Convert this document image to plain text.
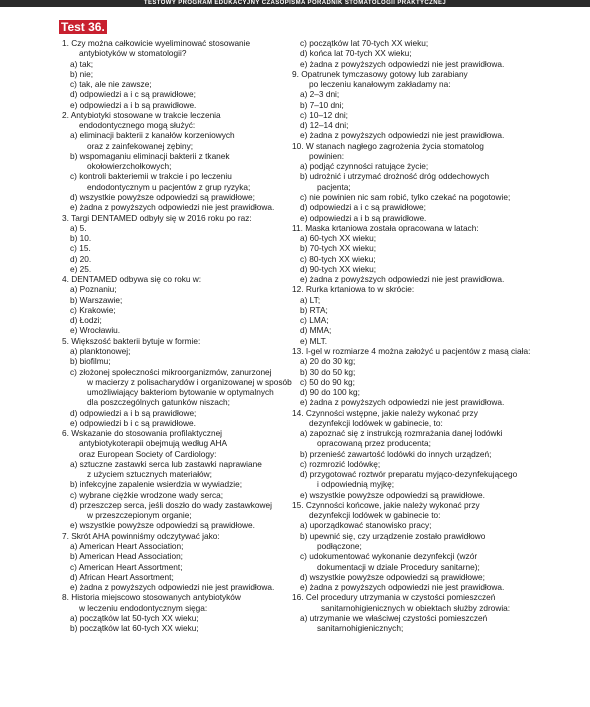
TESTOWY PROGRAM EDUKACYJNY CZASOPISMA PORADNIK STOMATOLOGII PRAKTYCZNEJ
Test 36.
1. Czy można całkowicie wyeliminować stosowanie
antybiotyków w stomatologii?
a) tak;
b) nie;
c) tak, ale nie zawsze;
d) odpowiedzi a i c są prawidłowe;
e) odpowiedzi a i b są prawidłowe.
2. Antybiotyki stosowane w trakcie leczenia
endodontycznego mogą służyć:
a) eliminacji bakterii z kanałów korzeniowych
oraz z zainfekowanej zębiny;
b) wspomaganiu eliminacji bakterii z tkanek
okołowierzchołkowych;
c) kontroli bakteriemii w trakcie i po leczeniu
endodontycznym u pacjentów z grup ryzyka;
d) wszystkie powyższe odpowiedzi są prawidłowe;
e) żadna z powyższych odpowiedzi nie jest prawidłowa.
3. Targi DENTAMED odbyły się w 2016 roku po raz:
a) 5.
b) 10.
c) 15.
d) 20.
e) 25.
4. DENTAMED odbywa się co roku w:
a) Poznaniu;
b) Warszawie;
c) Krakowie;
d) Łodzi;
e) Wrocławiu.
5. Większość bakterii bytuje w formie:
a) planktonowej;
b) biofilmu;
c) złożonej społeczności mikroorganizmów, zanurzonej
w macierzy z polisacharydów i organizowanej w sposób
umożliwiający bakteriom bytowanie w optymalnych
dla poszczególnych gatunków niszach;
d) odpowiedzi a i b są prawidłowe;
e) odpowiedzi b i c są prawidłowe.
6. Wskazanie do stosowania profilaktycznej
antybiotykoterapii obejmują według AHA
oraz European Society of Cardiology:
a) sztuczne zastawki serca lub zastawki naprawiane
z użyciem sztucznych materiałów;
b) infekcyjne zapalenie wsierdzia w wywiadzie;
c) wybrane ciężkie wrodzone wady serca;
d) przeszczep serca, jeśli doszło do wady zastawkowej
w przeszczepionym organie;
e) wszystkie powyższe odpowiedzi są prawidłowe.
7. Skrót AHA powinniśmy odczytywać jako:
a) American Heart Association;
b) American Head Association;
c) American Heart Assortment;
d) African Heart Assortment;
e) żadna z powyższych odpowiedzi nie jest prawidłowa.
8. Historia miejscowo stosowanych antybiotyków
w leczeniu endodontycznym sięga:
a) początków lat 50-tych XX wieku;
b) początków lat 60-tych XX wieku;
c) początków lat 70-tych XX wieku;
d) końca lat 70-tych XX wieku;
e) żadna z powyższych odpowiedzi nie jest prawidłowa.
9. Opatrunek tymczasowy gotowy lub zarabiany
po leczeniu kanałowym zakładamy na:
a) 2–3 dni;
b) 7–10 dni;
c) 10–12 dni;
d) 12–14 dni;
e) żadna z powyższych odpowiedzi nie jest prawidłowa.
10. W stanach nagłego zagrożenia życia stomatolog
powinien:
a) podjąć czynności ratujące życie;
b) udrożnić i utrzymać drożność dróg oddechowych
pacjenta;
c) nie powinien nic sam robić, tylko czekać na pogotowie;
d) odpowiedzi a i c są prawidłowe;
e) odpowiedzi a i b są prawidłowe.
11. Maska krtaniowa została opracowana w latach:
a) 60-tych XX wieku;
b) 70-tych XX wieku;
c) 80-tych XX wieku;
d) 90-tych XX wieku;
e) żadna z powyższych odpowiedzi nie jest prawidłowa.
12. Rurka krtaniowa to w skrócie:
a) LT;
b) RTA;
c) LMA;
d) MMA;
e) MLT.
13. I-gel w rozmiarze 4 można założyć u pacjentów z masą ciała:
a) 20 do 30 kg;
b) 30 do 50 kg;
c) 50 do 90 kg;
d) 90 do 100 kg;
e) żadna z powyższych odpowiedzi nie jest prawidłowa.
14. Czynności wstępne, jakie należy wykonać przy
dezynfekcji lodówek w gabinecie, to:
a) zapoznać się z instrukcją rozmrażania danej lodówki
opracowaną przez producenta;
b) przenieść zawartość lodówki do innych urządzeń;
c) rozmrozić lodówkę;
d) przygotować roztwór preparatu myjąco-dezynfekującego
i odpowiednią myjkę;
e) wszystkie powyższe odpowiedzi są prawidłowe.
15. Czynności końcowe, jakie należy wykonać przy
dezynfekcji lodówek w gabinecie to:
a) uporządkować stanowisko pracy;
b) upewnić się, czy urządzenie zostało prawidłowo
podłączone;
c) udokumentować wykonanie dezynfekcji (wzór
dokumentacji w dziale Procedury sanitarne);
d) wszystkie powyższe odpowiedzi są prawidłowe;
e) żadna z powyższych odpowiedzi nie jest prawidłowa.
16. Cel procedury utrzymania w czystości pomieszczeń
sanitarnohigienicznych w obiektach służby zdrowia:
a) utrzymanie we właściwej czystości pomieszczeń
sanitarnohigienicznych;
